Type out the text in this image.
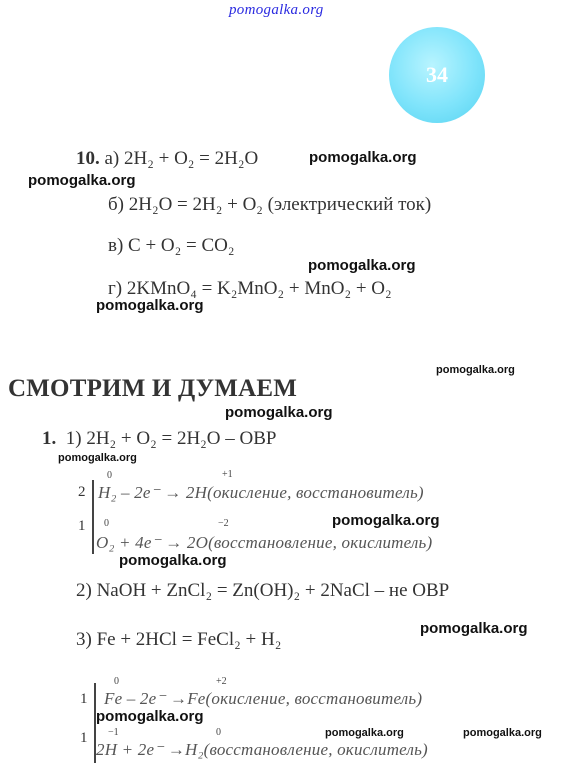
pomogalka.org
34
10. а) 2H₂ + O₂ = 2H₂O
б) 2H₂O = 2H₂ + O₂ (электрический ток)
в) C + O₂ = CO₂
г) 2KMnO₄ = K₂MnO₂ + MnO₂ + O₂
pomogalka.org
pomogalka.org
pomogalka.org
pomogalka.org
pomogalka.org
СМОТРИМ И ДУМАЕМ
pomogalka.org
1. 1) 2H₂ + O₂ = 2H₂O – ОВР
pomogalka.org
2
1
0	+1
H₂ – 2e⁻ → 2H(окисление, восстановитель)
0	−2
O₂ + 4e⁻ → 2O(восстановление, окислитель)
pomogalka.org
pomogalka.org
2) NaOH + ZnCl₂ = Zn(OH)₂ + 2NaCl – не ОВР
pomogalka.org
3) Fe + 2HCl = FeCl₂ + H₂
1
1
0	+2
Fe – 2e⁻ →Fe(окисление, восстановитель)
−1	0
2H + 2e⁻ →H₂(восстановление, окислитель)
pomogalka.org
pomogalka.org	pomogalka.org
